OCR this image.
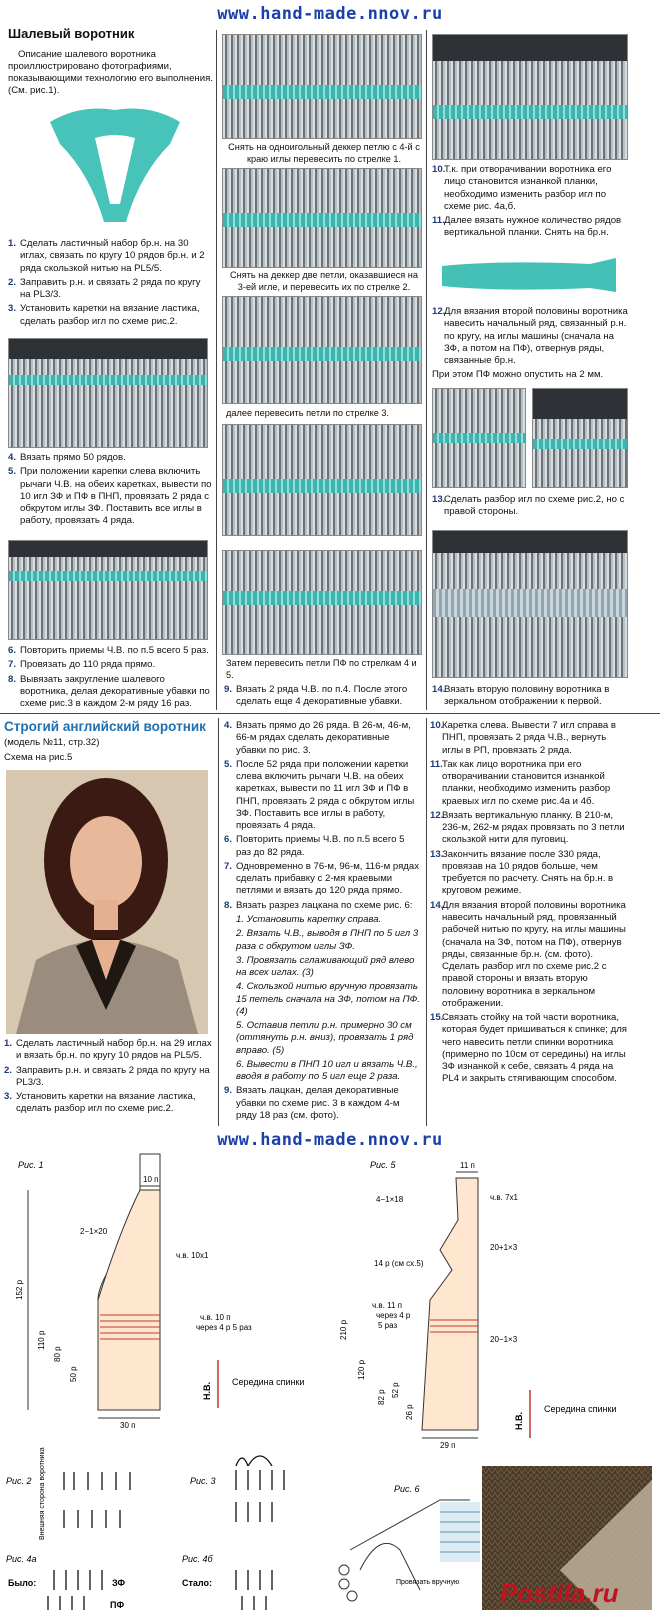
www.hand-made.nnov.ru
Шалевый воротник

Описание шалевого воротника проиллюстрировано фотографиями, показывающими технологию его выполнения. (См. рис.1).

1. Сделать ластичный набор бр.н. на 30 иглах, связать по кругу 10 рядов бр.н. и 2 ряда скользкой нитью на PL5/5.
2. Заправить р.н. и связать 2 ряда по кругу на PL3/3.
3. Установить каретки на вязание ластика, сделать разбор игл по схеме рис.2.
4. Вязать прямо 50 рядов.
5. При положении карепки слева включить рычаги Ч.В. на обеих каретках, вывести по 10 игл ЗФ и ПФ в ПНП, провязать 2 ряда с обкрутом иглы ЗФ. Поставить все иглы в работу, провязать 4 ряда.
6. Повторить приемы Ч.В. по п.5 всего 5 раз.
7. Провязать до 110 ряда прямо.
8. Вывязать закругление шалевого воротника, делая декоративные убавки по схеме рис.3 в каждом 2-м ряду 16 раз.
Снять на одноигольный деккер петлю с 4-й с краю иглы перевесить по стрелке 1.
Снять на деккер две петли, оказавшиеся на 3-ей игле, и перевесить их по стрелке 2.
далее перевесить петли по стрелке 3.
Затем перевесить петли ПФ по стрелкам 4 и 5.
9. Вязать 2 ряда Ч.В. по п.4. После этого сделать еще 4 декоративные убавки.
10.
Т.к. при отворачивании воротника его лицо становится изнанкой планки, необходимо изменить разбор игл по схеме рис. 4а,б.
11. Далее вязать нужное количество рядов вертикальной планки. Снять на бр.н.
12.
Для вязания второй половины воротника навесить начальный ряд, связанный р.н. по кругу, на иглы машины (сначала на ЗФ, а потом на ПФ), отвернув ряды, связанные бр.н.

При этом ПФ можно опустить на 2 мм.

13.
Сделать разбор игл по схеме рис.2, но с правой стороны.
14.
Вязать вторую половину воротника в зеркальном отображении к первой.
Строгий английский воротник

(модель №11, стр.32)

Схема на рис.5

1. Сделать ластичный набор бр.н. на 29 иглах и вязать бр.н. по кругу 10 рядов на PL5/5.
2. Заправить р.н. и связать 2 ряда по кругу на PL3/3.
3. Установить каретки на вязание ластика, сделать разбор игл по схеме рис.2.
4. Вязать прямо до 26 ряда. В 26-м, 46-м, 66-м рядах сделать декоративные убавки по рис. 3.
5. После 52 ряда при положении каретки слева включить рычаги Ч.В. на обеих каретках, вывести по 11 игл ЗФ и ПФ в ПНП, провязать 2 ряда с обкрутом иглы ЗФ. Поставить все иглы в работу, провязать 4 ряда.
6. Повторить приемы Ч.В. по п.5 всего 5 раз до 82 ряда.
7. Одновременно в 76-м, 96-м, 116-м рядах сделать прибавку с 2-мя краевыми петлями и вязать до 120 ряда прямо.
8. Вязать разрез лацкана по схеме рис. 6:

1. Установить каретку справа.

2. Вязать Ч.В., выводя в ПНП по 5 игл 3 раза с обкрутом иглы ЗФ.

3. Провязать сглаживающий ряд влево на всех иглах. (3)

4. Скользкой нитью вручную провязать 15 петель сначала на ЗФ, потом на ПФ. (4)

5. Оставив петли р.н. примерно 30 см (оттянуть р.н. вниз), провязать 1 ряд вправо. (5)

6. Вывести в ПНП 10 игл и вязать Ч.В., вводя в работу по 5 игл еще 2 раза.

9. Вязать лацкан, делая декоративные убавки по схеме рис. 3 в каждом 4-м ряду 18 раз (см. фото).
10.
Каретка слева. Вывести 7 игл справа в ПНП, провязать 2 ряда Ч.В., вернуть иглы в РП, провязать 2 ряда.
11. Так как лицо воротника при его отворачивании становится изнанкой планки, необходимо изменить разбор краевых игл по схеме рис.4а и 4б.
12.
Вязать вертикальную планку. В 210-м, 236-м, 262-м рядах провязать по 3 петли скользкой нити для пуговиц.
13.
Закончить вязание после 330 ряда, провязав на 10 рядов больше, чем требуется по расчету. Снять на бр.н. в круговом режиме.
14.
Для вязания второй половины воротника навесить начальный ряд, провязанный рабочей нитью по кругу, на иглы машины (сначала на ЗФ, потом на ПФ), отвернув ряды, связанные бр.н. (см. фото). Сделать разбор игл по схеме рис.2 с правой стороны и вязать вторую половину воротника в зеркальном отображении.
15.
Связать стойку на той части воротника, которая будет пришиваться к спинке; для чего навесить петли спинки воротника (примерно по 10см от середины) на иглы ЗФ изнанкой к себе, связать 4 ряда на PL4 и закрыть стягивающим способом.
www.hand-made.nnov.ru
Рис. 1
10 п
2−1×20
ч.в. 10х1
ч.в. 10 п
через 4 р 5 раз
152 р
110 р
80 р
50 р
30 п
Н.В. Середина спинки
Рис. 5	11 п
4−1×18	ч.в. 7х1
14 р (см сх.5)
20+1×3
ч.в. 11 п
через 4 р
5 раз
20−1×3
210 р
120 р
82 р 52 р
26 р
29 п
Н.В.
Середина спинки
Рис. 2 Внешняя сторона воротника	Рис. 3
Рис. 4а
Было:	ЗФ
ПФ
Рис. 4б
Стало:
Рис. 6
Провязать вручную Postila.ru
